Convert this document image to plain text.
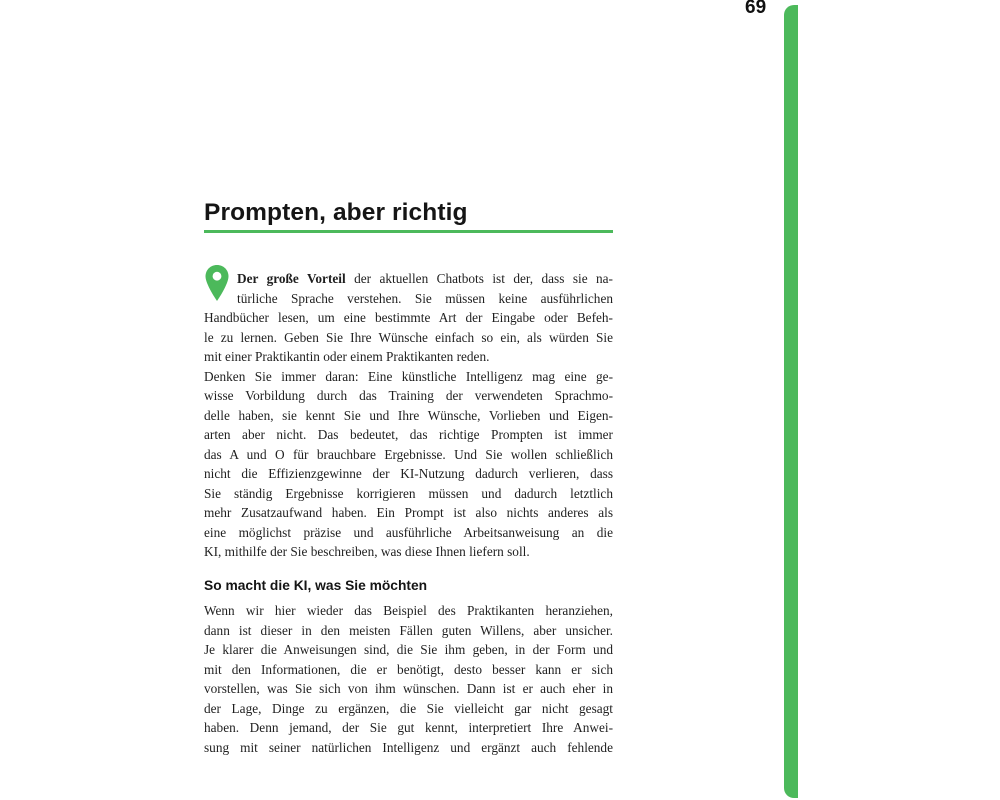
69
Prompten, aber richtig
Der große Vorteil der aktuellen Chatbots ist der, dass sie na-
türliche Sprache verstehen. Sie müssen keine ausführlichen
Handbücher lesen, um eine bestimmte Art der Eingabe oder Befeh-
le zu lernen. Geben Sie Ihre Wünsche einfach so ein, als würden Sie
mit einer Praktikantin oder einem Praktikanten reden.
Denken Sie immer daran: Eine künstliche Intelligenz mag eine ge-
wisse Vorbildung durch das Training der verwendeten Sprachmo-
delle haben, sie kennt Sie und Ihre Wünsche, Vorlieben und Eigen-
arten aber nicht. Das bedeutet, das richtige Prompten ist immer
das A und O für brauchbare Ergebnisse. Und Sie wollen schließlich
nicht die Effizienzgewinne der KI-Nutzung dadurch verlieren, dass
Sie ständig Ergebnisse korrigieren müssen und dadurch letztlich
mehr Zusatzaufwand haben. Ein Prompt ist also nichts anderes als
eine möglichst präzise und ausführliche Arbeitsanweisung an die
KI, mithilfe der Sie beschreiben, was diese Ihnen liefern soll.
So macht die KI, was Sie möchten
Wenn wir hier wieder das Beispiel des Praktikanten heranziehen,
dann ist dieser in den meisten Fällen guten Willens, aber unsicher.
Je klarer die Anweisungen sind, die Sie ihm geben, in der Form und
mit den Informationen, die er benötigt, desto besser kann er sich
vorstellen, was Sie sich von ihm wünschen. Dann ist er auch eher in
der Lage, Dinge zu ergänzen, die Sie vielleicht gar nicht gesagt
haben. Denn jemand, der Sie gut kennt, interpretiert Ihre Anwei-
sung mit seiner natürlichen Intelligenz und ergänzt auch fehlende
